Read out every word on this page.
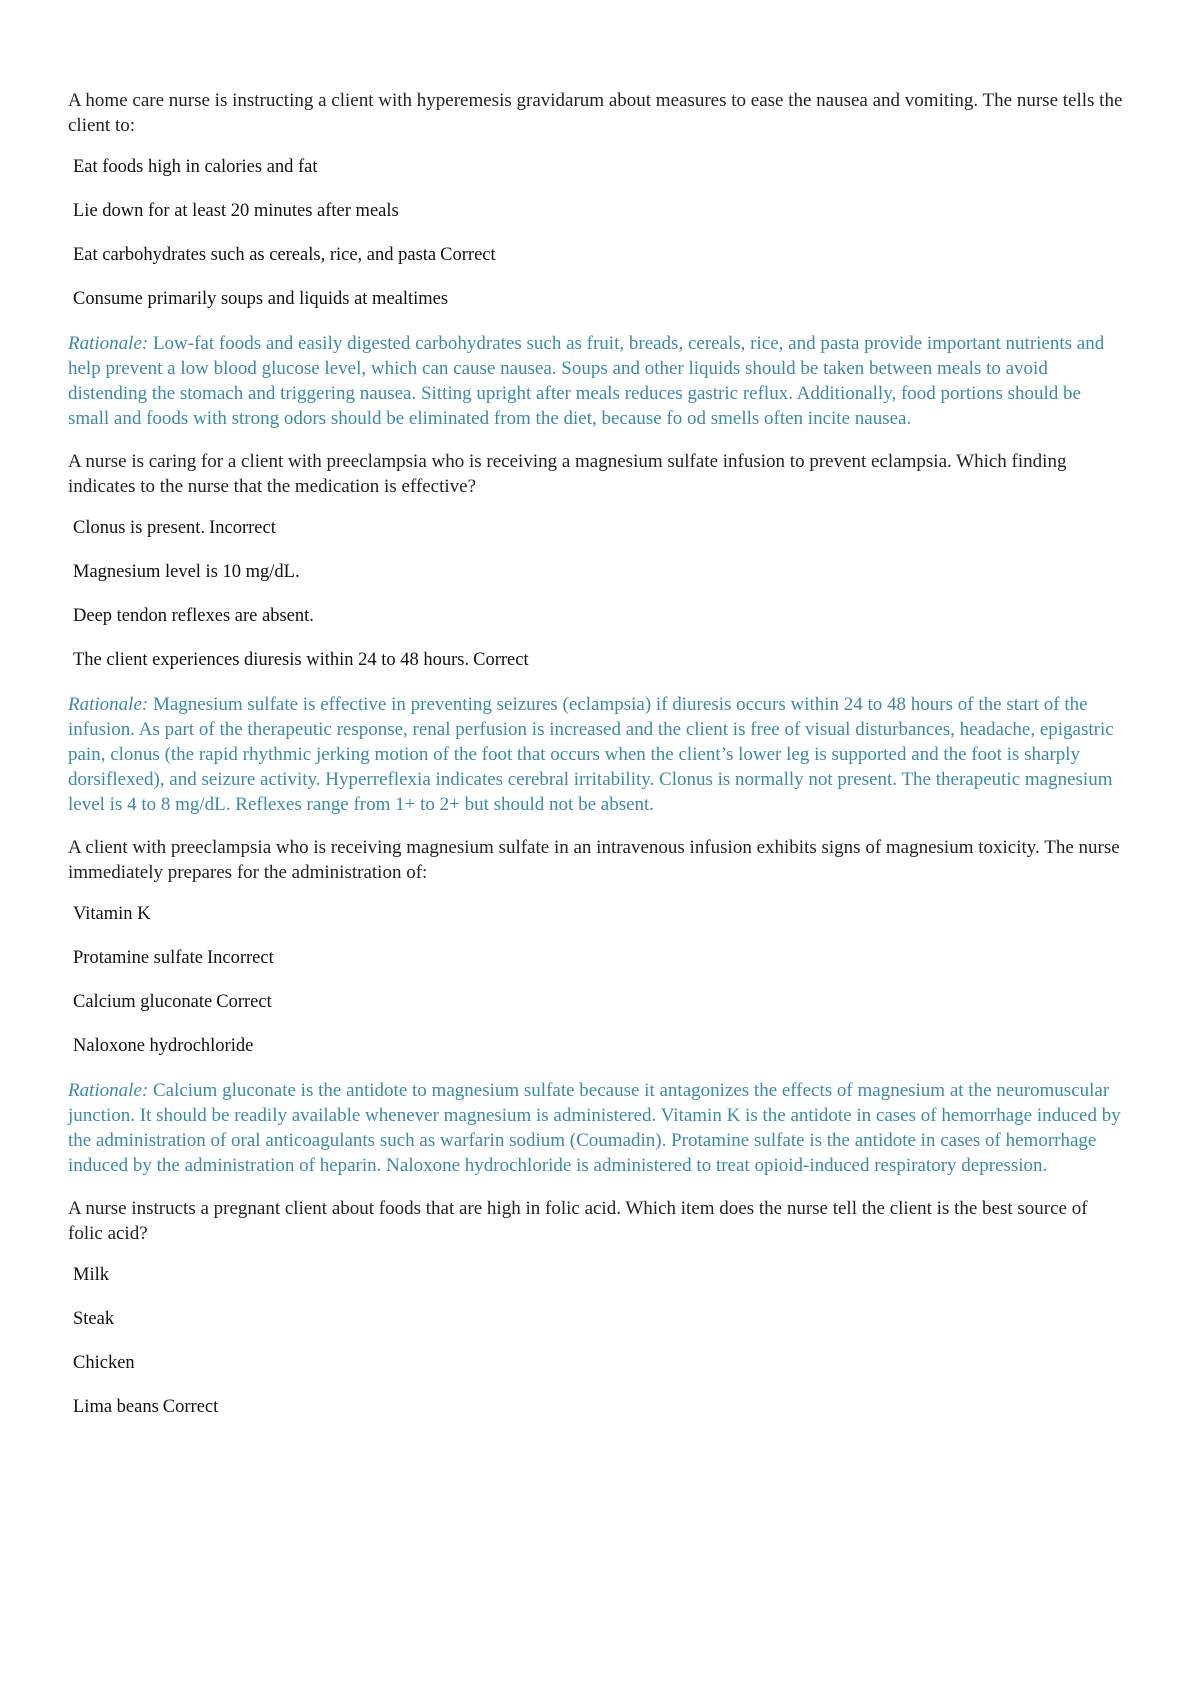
A home care nurse is instructing a client with hyperemesis gravidarum about measures to ease the nausea and vomiting. The nurse tells the client to:

Eat foods high in calories and fat

Lie down for at least 20 minutes after meals

Eat carbohydrates such as cereals, rice, and pasta Correct

Consume primarily soups and liquids at mealtimes

Rationale: Low-fat foods and easily digested carbohydrates such as fruit, breads, cereals, rice, and pasta provide important nutrients and help prevent a low blood glucose level, which can cause nausea. Soups and other liquids should be taken between meals to avoid distending the stomach and triggering nausea. Sitting upright after meals reduces gastric reflux. Additionally, food portions should be small and foods with strong odors should be eliminated from the diet, because fo od smells often incite nausea.

A nurse is caring for a client with preeclampsia who is receiving a magnesium sulfate infusion to prevent eclampsia. Which finding indicates to the nurse that the medication is effective?

Clonus is present. Incorrect

Magnesium level is 10 mg/dL.

Deep tendon reflexes are absent.

The client experiences diuresis within 24 to 48 hours. Correct

Rationale: Magnesium sulfate is effective in preventing seizures (eclampsia) if diuresis occurs within 24 to 48 hours of the start of the infusion. As part of the therapeutic response, renal perfusion is increased and the client is free of visual disturbances, headache, epigastric pain, clonus (the rapid rhythmic jerking motion of the foot that occurs when the client’s lower leg is supported and the foot is sharply dorsiflexed), and seizure activity. Hyperreflexia indicates cerebral irritability. Clonus is normally not present. The therapeutic magnesium level is 4 to 8 mg/dL. Reflexes range from 1+ to 2+ but should not be absent.

A client with preeclampsia who is receiving magnesium sulfate in an intravenous infusion exhibits signs of magnesium toxicity. The nurse immediately prepares for the administration of:

Vitamin K

Protamine sulfate Incorrect

Calcium gluconate Correct

Naloxone hydrochloride

Rationale: Calcium gluconate is the antidote to magnesium sulfate because it antagonizes the effects of magnesium at the neuromuscular junction. It should be readily available whenever magnesium is administered. Vitamin K is the antidote in cases of hemorrhage induced by the administration of oral anticoagulants such as warfarin sodium (Coumadin). Protamine sulfate is the antidote in cases of hemorrhage induced by the administration of heparin. Naloxone hydrochloride is administered to treat opioid-induced respiratory depression.

A nurse instructs a pregnant client about foods that are high in folic acid. Which item does the nurse tell the client is the best source of folic acid?

Milk

Steak

Chicken

Lima beans Correct
